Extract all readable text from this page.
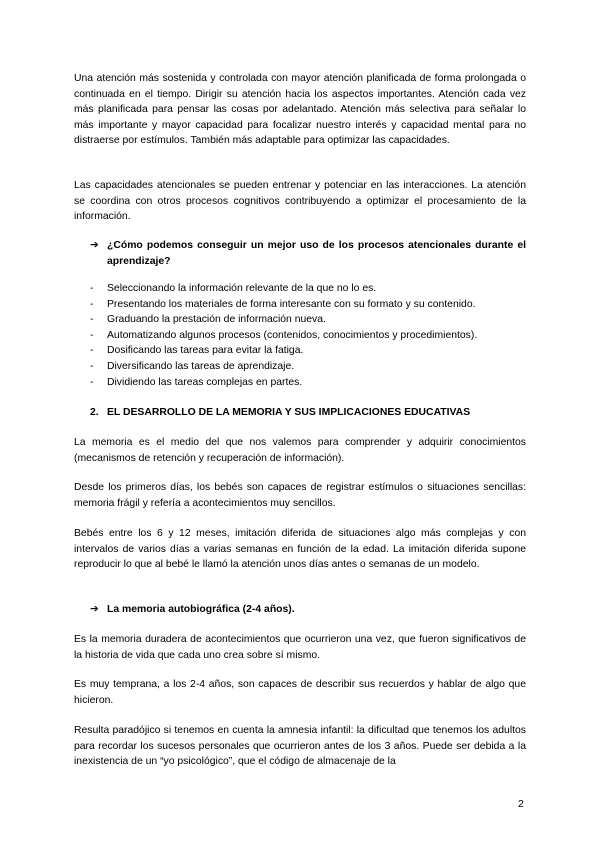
Una atención más sostenida y controlada con mayor atención planificada de forma prolongada o continuada en el tiempo. Dirigir su atención hacia los aspectos importantes. Atención cada vez más planificada para pensar las cosas por adelantado. Atención más selectiva para señalar lo más importante y mayor capacidad para focalizar nuestro interés y capacidad mental para no distraerse por estímulos. También más adaptable para optimizar las capacidades.

Las capacidades atencionales se pueden entrenar y potenciar en las interacciones. La atención se coordina con otros procesos cognitivos contribuyendo a optimizar el procesamiento de la información.

➔ ¿Cómo podemos conseguir un mejor uso de los procesos atencionales durante el aprendizaje?

- Seleccionando la información relevante de la que no lo es.
- Presentando los materiales de forma interesante con su formato y su contenido.
- Graduando la prestación de información nueva.
- Automatizando algunos procesos (contenidos, conocimientos y procedimientos).
- Dosificando las tareas para evitar la fatiga.
- Diversificando las tareas de aprendizaje.
- Dividiendo las tareas complejas en partes.
2. EL DESARROLLO DE LA MEMORIA Y SUS IMPLICACIONES EDUCATIVAS

La memoria es el medio del que nos valemos para comprender y adquirir conocimientos (mecanismos de retención y recuperación de información).

Desde los primeros días, los bebés son capaces de registrar estímulos o situaciones sencillas: memoria frágil y refería a acontecimientos muy sencillos.

Bebés entre los 6 y 12 meses, imitación diferida de situaciones algo más complejas y con intervalos de varios días a varias semanas en función de la edad. La imitación diferida supone reproducir lo que al bebé le llamó la atención unos días antes o semanas de un modelo.

➔ La memoria autobiográfica (2-4 años).

Es la memoria duradera de acontecimientos que ocurrieron una vez, que fueron significativos de la historia de vida que cada uno crea sobre sí mismo.

Es muy temprana, a los 2-4 años, son capaces de describir sus recuerdos y hablar de algo que hicieron.

Resulta paradójico si tenemos en cuenta la amnesia infantil: la dificultad que tenemos los adultos para recordar los sucesos personales que ocurrieron antes de los 3 años. Puede ser debida a la inexistencia de un “yo psicológico”, que el código de almacenaje de la

2
